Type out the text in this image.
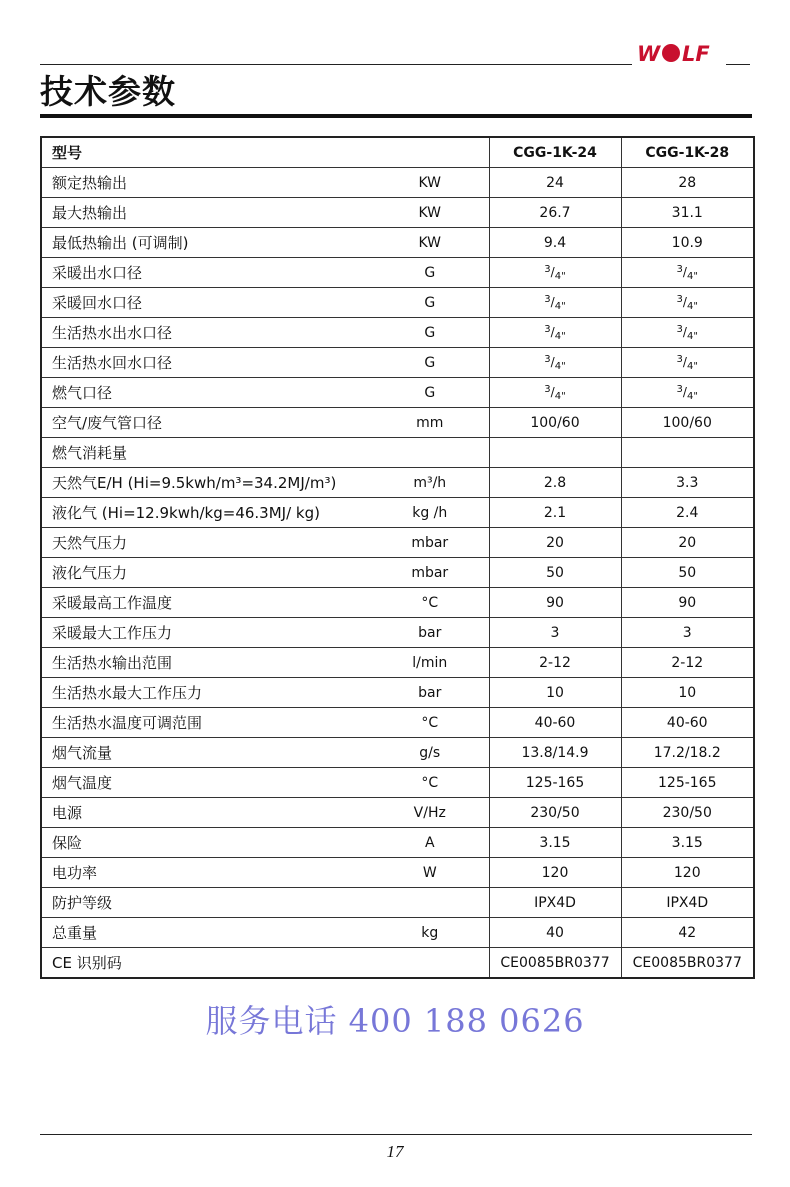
W LF
技术参数
型号		CGG-1K-24	CGG-1K-28
额定热输出	KW	24	28
最大热输出	KW	26.7	31.1
最低热输出 (可调制)	KW	9.4	10.9
采暖出水口径	G	3/4"	3/4"
采暖回水口径	G	3/4"	3/4"
生活热水出水口径	G	3/4"	3/4"
生活热水回水口径	G	3/4"	3/4"
燃气口径	G	3/4"	3/4"
空气/废气管口径	mm	100/60	100/60
燃气消耗量			
天然气E/H (Hi=9.5kwh/m³=34.2MJ/m³)	m³/h	2.8	3.3
液化气 (Hi=12.9kwh/kg=46.3MJ/ kg)	kg /h	2.1	2.4
天然气压力	mbar	20	20
液化气压力	mbar	50	50
采暖最高工作温度	°C	90	90
采暖最大工作压力	bar	3	3
生活热水输出范围	l/min	2-12	2-12
生活热水最大工作压力	bar	10	10
生活热水温度可调范围	°C	40-60	40-60
烟气流量	g/s	13.8/14.9	17.2/18.2
烟气温度	°C	125-165	125-165
电源	V/Hz	230/50	230/50
保险	A	3.15	3.15
电功率	W	120	120
防护等级		IPX4D	IPX4D
总重量	kg	40	42
CE 识别码		CE0085BR0377	CE0085BR0377
服务电话 400 188 0626
17
